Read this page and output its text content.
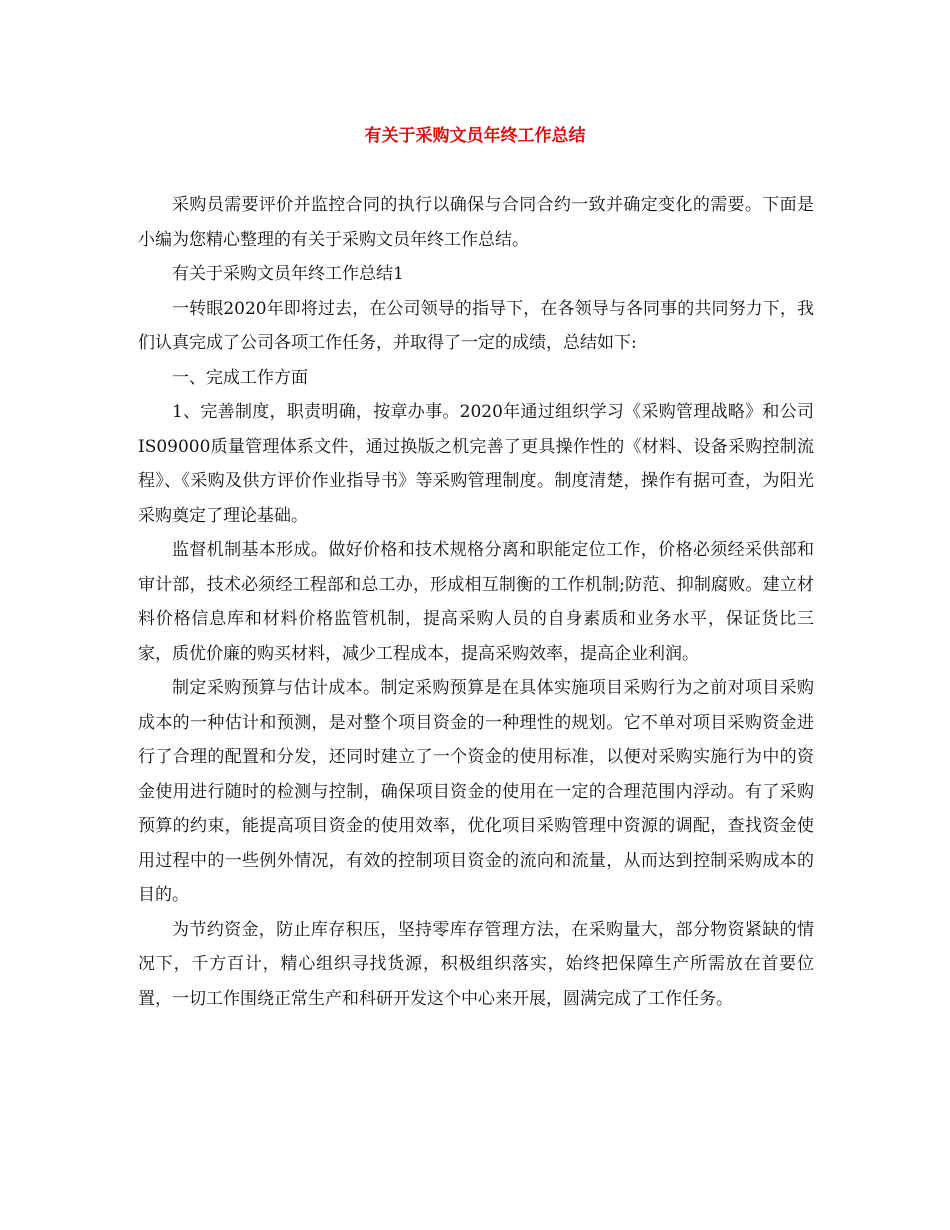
有关于采购文员年终工作总结

采购员需要评价并监控合同的执行以确保与合同合约一致并确定变化的需要。下面是小编为您精心整理的有关于采购文员年终工作总结。

有关于采购文员年终工作总结1

一转眼2020年即将过去，在公司领导的指导下，在各领导与各同事的共同努力下，我们认真完成了公司各项工作任务，并取得了一定的成绩，总结如下:

一、完成工作方面

1、完善制度，职责明确，按章办事。2020年通过组织学习《采购管理战略》和公司IS09000质量管理体系文件，通过换版之机完善了更具操作性的《材料、设备采购控制流程》、《采购及供方评价作业指导书》等采购管理制度。制度清楚，操作有据可查，为阳光采购奠定了理论基础。

监督机制基本形成。做好价格和技术规格分离和职能定位工作，价格必须经采供部和审计部，技术必须经工程部和总工办，形成相互制衡的工作机制;防范、抑制腐败。建立材料价格信息库和材料价格监管机制，提高采购人员的自身素质和业务水平，保证货比三家，质优价廉的购买材料，减少工程成本，提高采购效率，提高企业利润。

制定采购预算与估计成本。制定采购预算是在具体实施项目采购行为之前对项目采购成本的一种估计和预测，是对整个项目资金的一种理性的规划。它不单对项目采购资金进行了合理的配置和分发，还同时建立了一个资金的使用标准，以便对采购实施行为中的资金使用进行随时的检测与控制，确保项目资金的使用在一定的合理范围内浮动。有了采购预算的约束，能提高项目资金的使用效率，优化项目采购管理中资源的调配，查找资金使用过程中的一些例外情况，有效的控制项目资金的流向和流量，从而达到控制采购成本的目的。

为节约资金，防止库存积压，坚持零库存管理方法，在采购量大，部分物资紧缺的情况下，千方百计，精心组织寻找货源，积极组织落实，始终把保障生产所需放在首要位置，一切工作围绕正常生产和科研开发这个中心来开展，圆满完成了工作任务。
